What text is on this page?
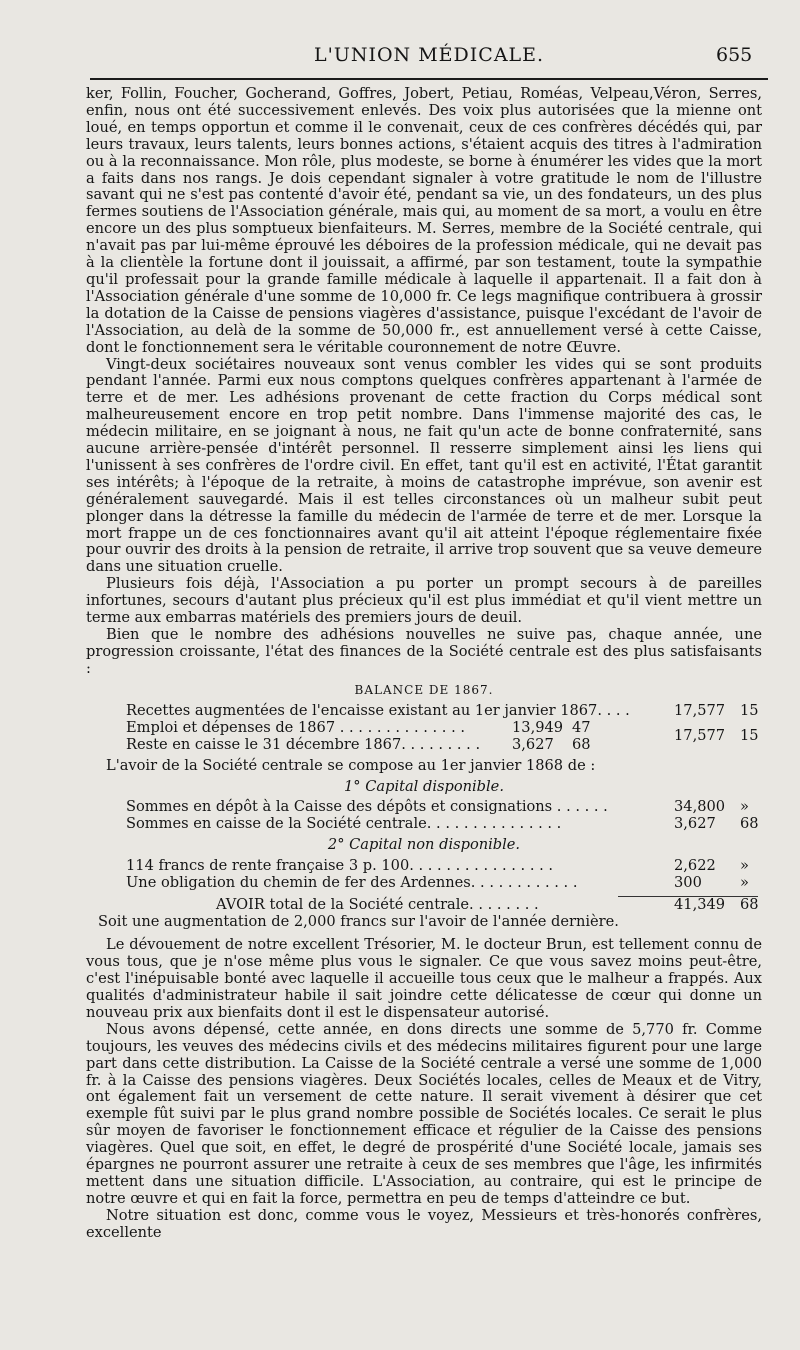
L'UNION MÉDICALE.	655

ker, Follin, Foucher, Gocherand, Goffres, Jobert, Petiau, Roméas, Velpeau,Véron, Serres, enfin, nous ont été successivement enlevés. Des voix plus autorisées que la mienne ont loué, en temps opportun et comme il le convenait, ceux de ces confrères décédés qui, par leurs travaux, leurs talents, leurs bonnes actions, s'étaient acquis des titres à l'admiration ou à la reconnaissance. Mon rôle, plus modeste, se borne à énumérer les vides que la mort a faits dans nos rangs. Je dois cependant signaler à votre gratitude le nom de l'illustre savant qui ne s'est pas contenté d'avoir été, pendant sa vie, un des fondateurs, un des plus fermes soutiens de l'Association générale, mais qui, au moment de sa mort, a voulu en être encore un des plus somptueux bienfaiteurs. M. Serres, membre de la Société centrale, qui n'avait pas par lui-même éprouvé les déboires de la profession médicale, qui ne devait pas à la clientèle la fortune dont il jouissait, a affirmé, par son testament, toute la sympathie qu'il professait pour la grande famille médicale à laquelle il appartenait. Il a fait don à l'Association générale d'une somme de 10,000 fr. Ce legs magnifique contribuera à grossir la dotation de la Caisse de pensions viagères d'assistance, puisque l'excédant de l'avoir de l'Association, au delà de la somme de 50,000 fr., est annuellement versé à cette Caisse, dont le fonctionnement sera le véritable couronnement de notre Œuvre.

Vingt-deux sociétaires nouveaux sont venus combler les vides qui se sont produits pendant l'année. Parmi eux nous comptons quelques confrères appartenant à l'armée de terre et de mer. Les adhésions provenant de cette fraction du Corps médical sont malheureusement encore en trop petit nombre. Dans l'immense majorité des cas, le médecin militaire, en se joignant à nous, ne fait qu'un acte de bonne confraternité, sans aucune arrière-pensée d'intérêt personnel. Il resserre simplement ainsi les liens qui l'unissent à ses confrères de l'ordre civil. En effet, tant qu'il est en activité, l'État garantit ses intérêts; à l'époque de la retraite, à moins de catastrophe imprévue, son avenir est généralement sauvegardé. Mais il est telles circonstances où un malheur subit peut plonger dans la détresse la famille du médecin de l'armée de terre et de mer. Lorsque la mort frappe un de ces fonctionnaires avant qu'il ait atteint l'époque réglementaire fixée pour ouvrir des droits à la pension de retraite, il arrive trop souvent que sa veuve demeure dans une situation cruelle.

Plusieurs fois déjà, l'Association a pu porter un prompt secours à de pareilles infortunes, secours d'autant plus précieux qu'il est plus immédiat et qu'il vient mettre un terme aux embarras matériels des premiers jours de deuil.

Bien que le nombre des adhésions nouvelles ne suive pas, chaque année, une progression croissante, l'état des finances de la Société centrale est des plus satisfaisants :

BALANCE DE 1867.
Recettes augmentées de l'encaisse existant au 1er janvier 1867. . . .	17,577 15
Emploi et dépenses de 1867 . . . . . . . . . . . . . .	13,949 47	17,577 15
Reste en caisse le 31 décembre 1867. . . . . . . . . 3,627 68

L'avoir de la Société centrale se compose au 1er janvier 1868 de :

1° Capital disponible.
Sommes en dépôt à la Caisse des dépôts et consignations . . . . . .	34,800 »
Sommes en caisse de la Société centrale. . . . . . . . . . . . . . .	3,627 68
2° Capital non disponible.
114 francs de rente française 3 p. 100. . . . . . . . . . . . . . . .	2,622 »
Une obligation du chemin de fer des Ardennes. . . . . . . . . . . .	300	»
AVOIR total de la Société centrale. . . . . . . .	41,349 68

Soit une augmentation de 2,000 francs sur l'avoir de l'année dernière.

Le dévouement de notre excellent Trésorier, M. le docteur Brun, est tellement connu de vous tous, que je n'ose même plus vous le signaler. Ce que vous savez moins peut-être, c'est l'inépuisable bonté avec laquelle il accueille tous ceux que le malheur a frappés. Aux qualités d'administrateur habile il sait joindre cette délicatesse de cœur qui donne un nouveau prix aux bienfaits dont il est le dispensateur autorisé.

Nous avons dépensé, cette année, en dons directs une somme de 5,770 fr. Comme toujours, les veuves des médecins civils et des médecins militaires figurent pour une large part dans cette distribution. La Caisse de la Société centrale a versé une somme de 1,000 fr. à la Caisse des pensions viagères. Deux Sociétés locales, celles de Meaux et de Vitry, ont également fait un versement de cette nature. Il serait vivement à désirer que cet exemple fût suivi par le plus grand nombre possible de Sociétés locales. Ce serait le plus sûr moyen de favoriser le fonctionnement efficace et régulier de la Caisse des pensions viagères. Quel que soit, en effet, le degré de prospérité d'une Société locale, jamais ses épargnes ne pourront assurer une retraite à ceux de ses membres que l'âge, les infirmités mettent dans une situation difficile. L'Association, au contraire, qui est le principe de notre œuvre et qui en fait la force, permettra en peu de temps d'atteindre ce but.

Notre situation est donc, comme vous le voyez, Messieurs et très-honorés confrères, excellente
